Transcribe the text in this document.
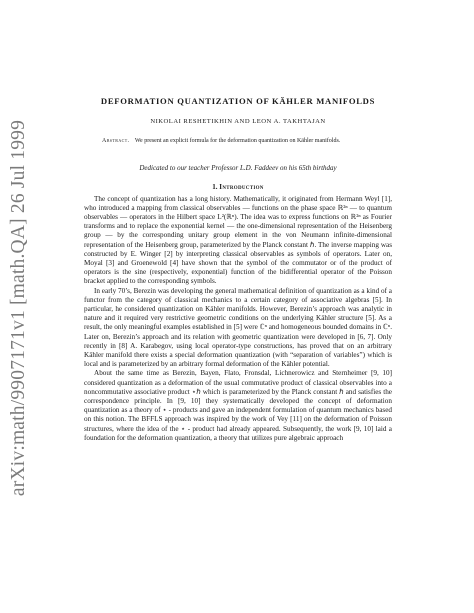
arXiv:math/9907171v1 [math.QA] 26 Jul 1999
DEFORMATION QUANTIZATION OF KÄHLER MANIFOLDS

NIKOLAI RESHETIKHIN AND LEON A. TAKHTAJAN

Abstract. We present an explicit formula for the deformation quantization on Kähler manifolds.

Dedicated to our teacher Professor L.D. Faddeev on his 65th birthday

1. Introduction

The concept of quantization has a long history. Mathematically, it originated from Hermann Weyl [1], who introduced a mapping from classical observables — functions on the phase space ℝ²ⁿ — to quantum observables — operators in the Hilbert space L²(ℝⁿ). The idea was to express functions on ℝ²ⁿ as Fourier transforms and to replace the exponential kernel — the one-dimensional representation of the Heisenberg group — by the corresponding unitary group element in the von Neumann infinite-dimensional representation of the Heisenberg group, parameterized by the Planck constant ℏ. The inverse mapping was constructed by E. Winger [2] by interpreting classical observables as symbols of operators. Later on, Moyal [3] and Groenewold [4] have shown that the symbol of the commutator or of the product of operators is the sine (respectively, exponential) function of the bidifferential operator of the Poisson bracket applied to the corresponding symbols.

In early 70’s, Berezin was developing the general mathematical definition of quantization as a kind of a functor from the category of classical mechanics to a certain category of associative algebras [5]. In particular, he considered quantization on Kähler manifolds. However, Berezin’s approach was analytic in nature and it required very restrictive geometric conditions on the underlying Kähler structure [5]. As a result, the only meaningful examples established in [5] were ℂⁿ and homogeneous bounded domains in ℂⁿ. Later on, Berezin’s approach and its relation with geometric quantization were developed in [6, 7]. Only recently in [8] A. Karabegov, using local operator-type constructions, has proved that on an arbitrary Kähler manifold there exists a special deformation quantization (with “separation of variables”) which is local and is parameterized by an arbitrary formal deformation of the Kähler potential.

About the same time as Berezin, Bayen, Flato, Fronsdal, Lichnerowicz and Sternheimer [9, 10] considered quantization as a deformation of the usual commutative product of classical observables into a noncommutative associative product ⋆ℏ which is parameterized by the Planck constant ℏ and satisfies the correspondence principle. In [9, 10] they systematically developed the concept of deformation quantization as a theory of ⋆ - products and gave an independent formulation of quantum mechanics based on this notion. The BFFLS approach was inspired by the work of Vey [11] on the deformation of Poisson structures, where the idea of the ⋆ - product had already appeared. Subsequently, the work [9, 10] laid a foundation for the deformation quantization, a theory that utilizes pure algebraic approach
